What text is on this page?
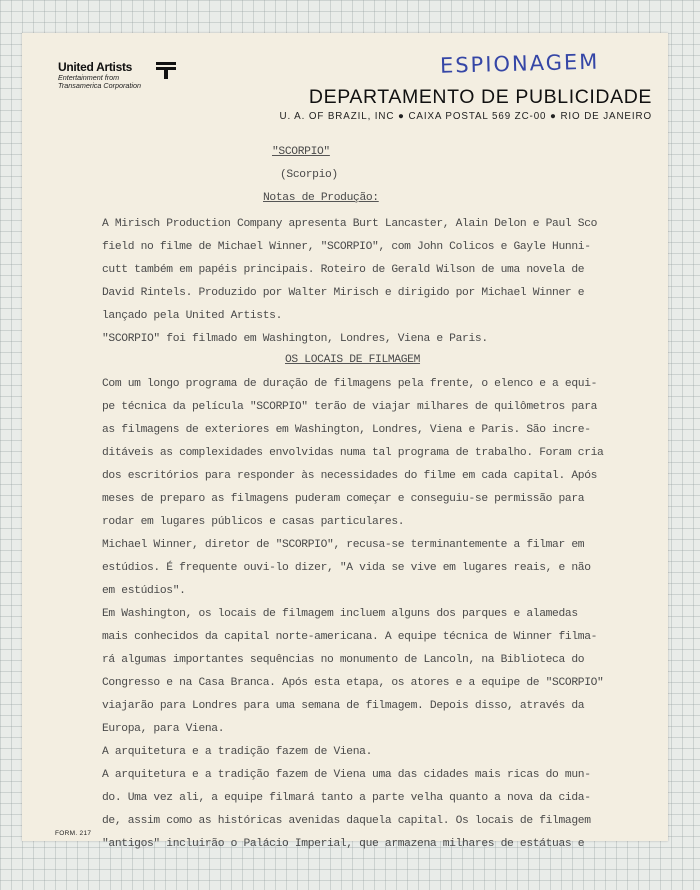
United Artists
Entertainment from
Transamerica Corporation
ESPIONAGEM
DEPARTAMENTO DE PUBLICIDADE
U. A. OF BRAZIL, INC ● CAIXA POSTAL 569 ZC-00 ● RIO DE JANEIRO
"SCORPIO"
(Scorpio)
Notas de Produção:
A Mirisch Production Company apresenta Burt Lancaster, Alain Delon e Paul Sco
field no filme de Michael Winner, "SCORPIO", com John Colicos e Gayle Hunni-
cutt também em papéis principais. Roteiro de Gerald Wilson de uma novela de
David Rintels. Produzido por Walter Mirisch e dirigido por Michael Winner e
lançado pela United Artists.
"SCORPIO" foi filmado em Washington, Londres, Viena e Paris.
OS LOCAIS DE FILMAGEM
Com um longo programa de duração de filmagens pela frente, o elenco e a equi-
pe técnica da película "SCORPIO" terão de viajar milhares de quilômetros para
as filmagens de exteriores em Washington, Londres, Viena e Paris. São incre-
ditáveis as complexidades envolvidas numa tal programa de trabalho. Foram cria
dos escritórios para responder às necessidades do filme em cada capital. Após
meses de preparo as filmagens puderam começar e conseguiu-se permissão para
rodar em lugares públicos e casas particulares.
Michael Winner, diretor de "SCORPIO", recusa-se terminantemente a filmar em
estúdios. É frequente ouvi-lo dizer, "A vida se vive em lugares reais, e não
em estúdios".
Em Washington, os locais de filmagem incluem alguns dos parques e alamedas
mais conhecidos da capital norte-americana. A equipe técnica de Winner filma-
rá algumas importantes sequências no monumento de Lancoln, na Biblioteca do
Congresso e na Casa Branca. Após esta etapa, os atores e a equipe de "SCORPIO"
viajarão para Londres para uma semana de filmagem. Depois disso, através da
Europa, para Viena.
A arquitetura e a tradição fazem de Viena.
A arquitetura e a tradição fazem de Viena uma das cidades mais ricas do mun-
do. Uma vez ali, a equipe filmará tanto a parte velha quanto a nova da cida-
de, assim como as históricas avenidas daquela capital. Os locais de filmagem
"antigos" incluirão o Palácio Imperial, que armazena milhares de estátuas e
FORM. 217
